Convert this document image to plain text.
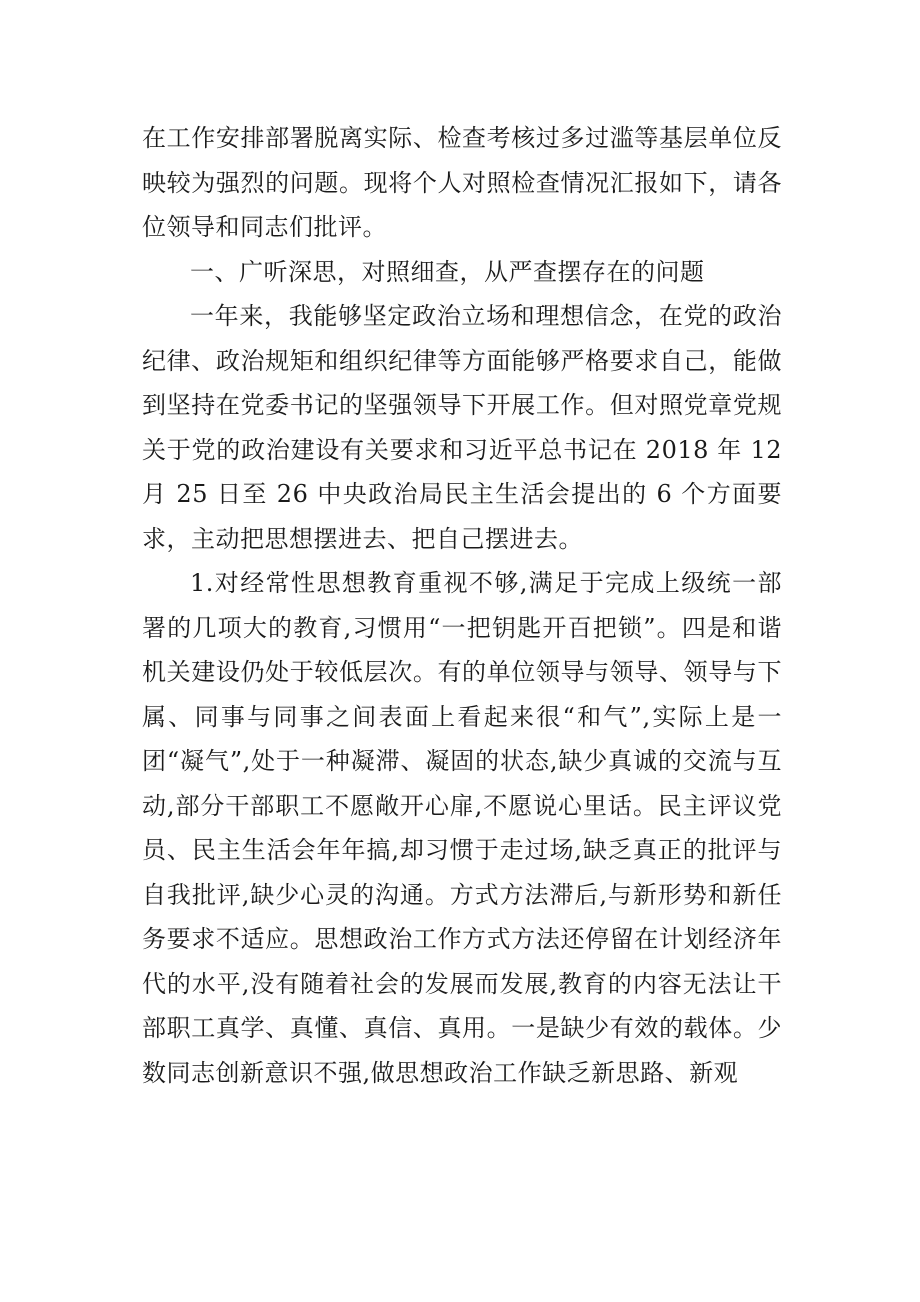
在工作安排部署脱离实际、检查考核过多过滥等基层单位反映较为强烈的问题。现将个人对照检查情况汇报如下，请各位领导和同志们批评。

一、广听深思，对照细查，从严查摆存在的问题

一年来，我能够坚定政治立场和理想信念，在党的政治纪律、政治规矩和组织纪律等方面能够严格要求自己，能做到坚持在党委书记的坚强领导下开展工作。但对照党章党规关于党的政治建设有关要求和习近平总书记在 2018 年 12 月 25 日至 26 中央政治局民主生活会提出的 6 个方面要求，主动把思想摆进去、把自己摆进去。

1.对经常性思想教育重视不够,满足于完成上级统一部署的几项大的教育,习惯用“一把钥匙开百把锁”。四是和谐机关建设仍处于较低层次。有的单位领导与领导、领导与下属、同事与同事之间表面上看起来很“和气”,实际上是一团“凝气”,处于一种凝滞、凝固的状态,缺少真诚的交流与互动,部分干部职工不愿敞开心扉,不愿说心里话。民主评议党员、民主生活会年年搞,却习惯于走过场,缺乏真正的批评与自我批评,缺少心灵的沟通。方式方法滞后,与新形势和新任务要求不适应。思想政治工作方式方法还停留在计划经济年代的水平,没有随着社会的发展而发展,教育的内容无法让干部职工真学、真懂、真信、真用。一是缺少有效的载体。少数同志创新意识不强,做思想政治工作缺乏新思路、新观
